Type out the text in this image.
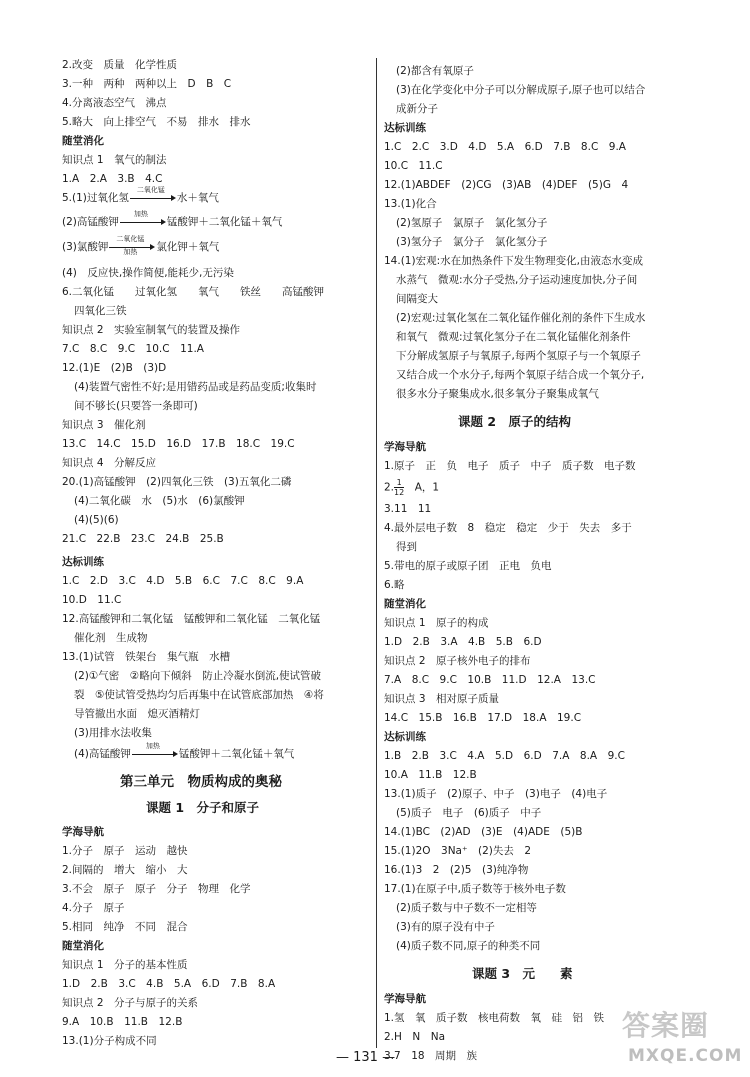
2.改变　质量　化学性质
3.一种　两种　两种以上　D　B　C
4.分离液态空气　沸点
5.略大　向上排空气　不易　排水　排水
随堂消化
知识点 1　氧气的制法
1.A　2.A　3.B　4.C
5.(1)过氧化氢
二氧化锰
水＋氧气
(2)高锰酸钾
加热
锰酸钾＋二氧化锰＋氧气
(3)氯酸钾
二氧化锰
加热	氯化钾＋氧气
(4)　反应快,操作简便,能耗少,无污染
6.二氧化锰　　过氧化氢　　氧气　　铁丝　　高锰酸钾
四氧化三铁
知识点 2　实验室制氧气的装置及操作
7.C　8.C　9.C　10.C　11.A
12.(1)E　(2)B　(3)D
(4)装置气密性不好;是用错药品或是药品变质;收集时
间不够长(只要答一条即可)
知识点 3　催化剂
13.C　14.C　15.D　16.D　17.B　18.C　19.C
知识点 4　分解反应
20.(1)高锰酸钾　(2)四氧化三铁　(3)五氧化二磷
(4)二氧化碳　水　(5)水　(6)氯酸钾
(4)(5)(6)
21.C　22.B　23.C　24.B　25.B
达标训练
1.C　2.D　3.C　4.D　5.B　6.C　7.C　8.C　9.A
10.D　11.C
12.高锰酸钾和二氧化锰　锰酸钾和二氧化锰　二氧化锰
催化剂　生成物
13.(1)试管　铁架台　集气瓶　水槽
(2)①气密　②略向下倾斜　防止冷凝水倒流,使试管破
裂　⑤使试管受热均匀后再集中在试管底部加热　④将
导管撤出水面　熄灭酒精灯
(3)用排水法收集
(4)高锰酸钾
加热
锰酸钾＋二氧化锰＋氧气
第三单元　物质构成的奥秘
课题 1　分子和原子
学海导航
1.分子　原子　运动　越快
2.间隔的　增大　缩小　大
3.不会　原子　原子　分子　物理　化学
4.分子　原子
5.相同　纯净　不同　混合
随堂消化
知识点 1　分子的基本性质
1.D　2.B　3.C　4.B　5.A　6.D　7.B　8.A
知识点 2　分子与原子的关系
9.A　10.B　11.B　12.B
13.(1)分子构成不同
(2)都含有氧原子
(3)在化学变化中分子可以分解成原子,原子也可以结合
成新分子
达标训练
1.C　2.C　3.D　4.D　5.A　6.D　7.B　8.C　9.A
10.C　11.C
12.(1)ABDEF　(2)CG　(3)AB　(4)DEF　(5)G　4
13.(1)化合
(2)氢原子　氯原子　氯化氢分子
(3)氢分子　氯分子　氯化氢分子
14.(1)宏观:水在加热条件下发生物理变化,由液态水变成
水蒸气　微观:水分子受热,分子运动速度加快,分子间
间隔变大
(2)宏观:过氧化氢在二氧化锰作催化剂的条件下生成水
和氧气　微观:过氧化氢分子在二氧化锰催化剂条件
下分解成氢原子与氧原子,每两个氢原子与一个氧原子
又结合成一个水分子,每两个氧原子结合成一个氧分子,
很多水分子聚集成水,很多氧分子聚集成氧气
课题 2　原子的结构
学海导航
1.原子　正　负　电子　质子　中子　质子数　电子数
2. $\frac{1}{12}$
　 A，1
3.11　11
4.最外层电子数　8　稳定　稳定　少于　失去　多于
得到
5.带电的原子或原子团　正电　负电
6.略
随堂消化
知识点 1　原子的构成
1.D　2.B　3.A　4.B　5.B　6.D
知识点 2　原子核外电子的排布
7.A　8.C　9.C　10.B　11.D　12.A　13.C
知识点 3　相对原子质量
14.C　15.B　16.B　17.D　18.A　19.C
达标训练
1.B　2.B　3.C　4.A　5.D　6.D　7.A　8.A　9.C
10.A　11.B　12.B
13.(1)质子　(2)原子、中子　(3)电子　(4)电子
(5)质子　电子　(6)质子　中子
14.(1)BC　(2)AD　(3)E　(4)ADE　(5)B
15.(1)2O　3Na⁺　(2)失去　2
16.(1)3　2　(2)5　(3)纯净物
17.(1)在原子中,质子数等于核外电子数
(2)质子数与中子数不一定相等
(3)有的原子没有中子
(4)质子数不同,原子的种类不同
课题 3　元　　素
学海导航
1.氢　氧　质子数　核电荷数　氧　硅　铝　铁
2.H　N　Na
3.7　18　周期　族
— 131 —
答案圈
MXQE.COM
